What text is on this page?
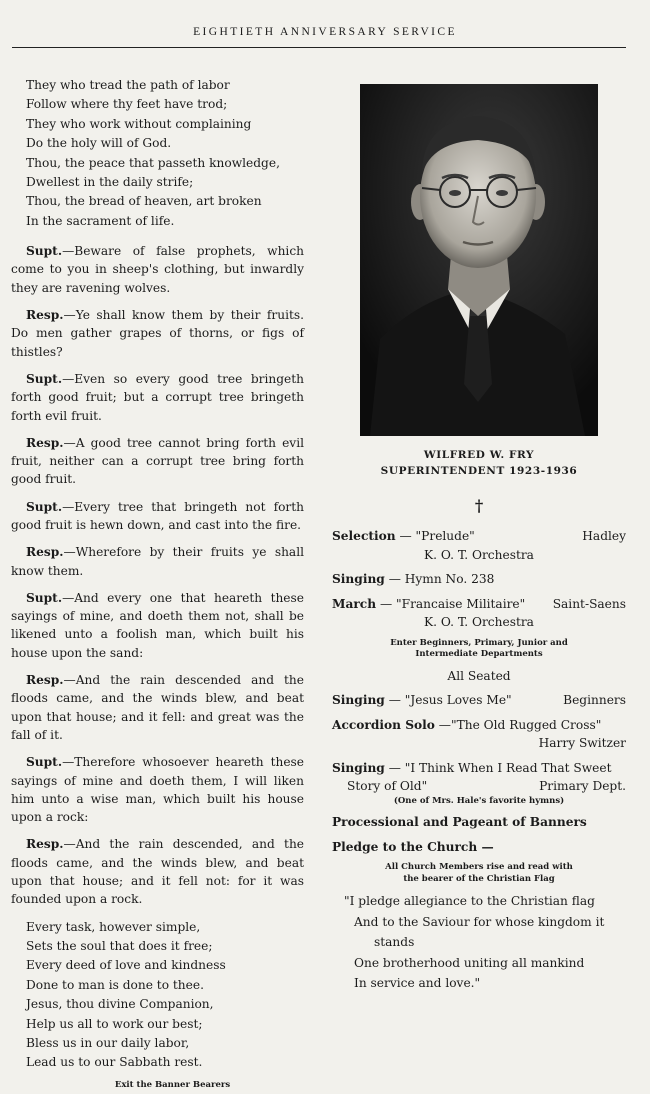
EIGHTIETH ANNIVERSARY SERVICE
They who tread the path of labor
Follow where thy feet have trod;
They who work without complaining
Do the holy will of God.
Thou, the peace that passeth knowledge,
Dwellest in the daily strife;
Thou, the bread of heaven, art broken
In the sacrament of life.
Supt.—Beware of false prophets, which come to you in sheep's clothing, but inwardly they are ravening wolves.
Resp.—Ye shall know them by their fruits. Do men gather grapes of thorns, or figs of thistles?
Supt.—Even so every good tree bringeth forth good fruit; but a corrupt tree bringeth forth evil fruit.
Resp.—A good tree cannot bring forth evil fruit, neither can a corrupt tree bring forth good fruit.
Supt.—Every tree that bringeth not forth good fruit is hewn down, and cast into the fire.
Resp.—Wherefore by their fruits ye shall know them.
Supt.—And every one that heareth these sayings of mine, and doeth them not, shall be likened unto a foolish man, which built his house upon the sand:
Resp.—And the rain descended and the floods came, and the winds blew, and beat upon that house; and it fell: and great was the fall of it.
Supt.—Therefore whosoever heareth these sayings of mine and doeth them, I will liken him unto a wise man, which built his house upon a rock:
Resp.—And the rain descended, and the floods came, and the winds blew, and beat upon that house; and it fell not: for it was founded upon a rock.
Every task, however simple,
Sets the soul that does it free;
Every deed of love and kindness
Done to man is done to thee.
Jesus, thou divine Companion,
Help us all to work our best;
Bless us in our daily labor,
Lead us to our Sabbath rest.
Exit the Banner Bearers
WILFRED W. FRY
SUPERINTENDENT 1923-1936
†
Selection — "Prelude"	Hadley
K. O. T. Orchestra
Singing — Hymn No. 238
March — "Francaise Militaire" Saint-Saens
K. O. T. Orchestra
Enter Beginners, Primary, Junior and
Intermediate Departments
All Seated
Singing — "Jesus Loves Me"	Beginners
Accordion Solo —"The Old Rugged Cross"
Harry Switzer
Singing — "I Think When I Read That Sweet
Story of Old"	Primary Dept.
(One of Mrs. Hale's favorite hymns)
Processional and Pageant of Banners
Pledge to the Church —
All Church Members rise and read with
the bearer of the Christian Flag
"I pledge allegiance to the Christian flag
And to the Saviour for whose kingdom it
stands
One brotherhood uniting all mankind
In service and love."
